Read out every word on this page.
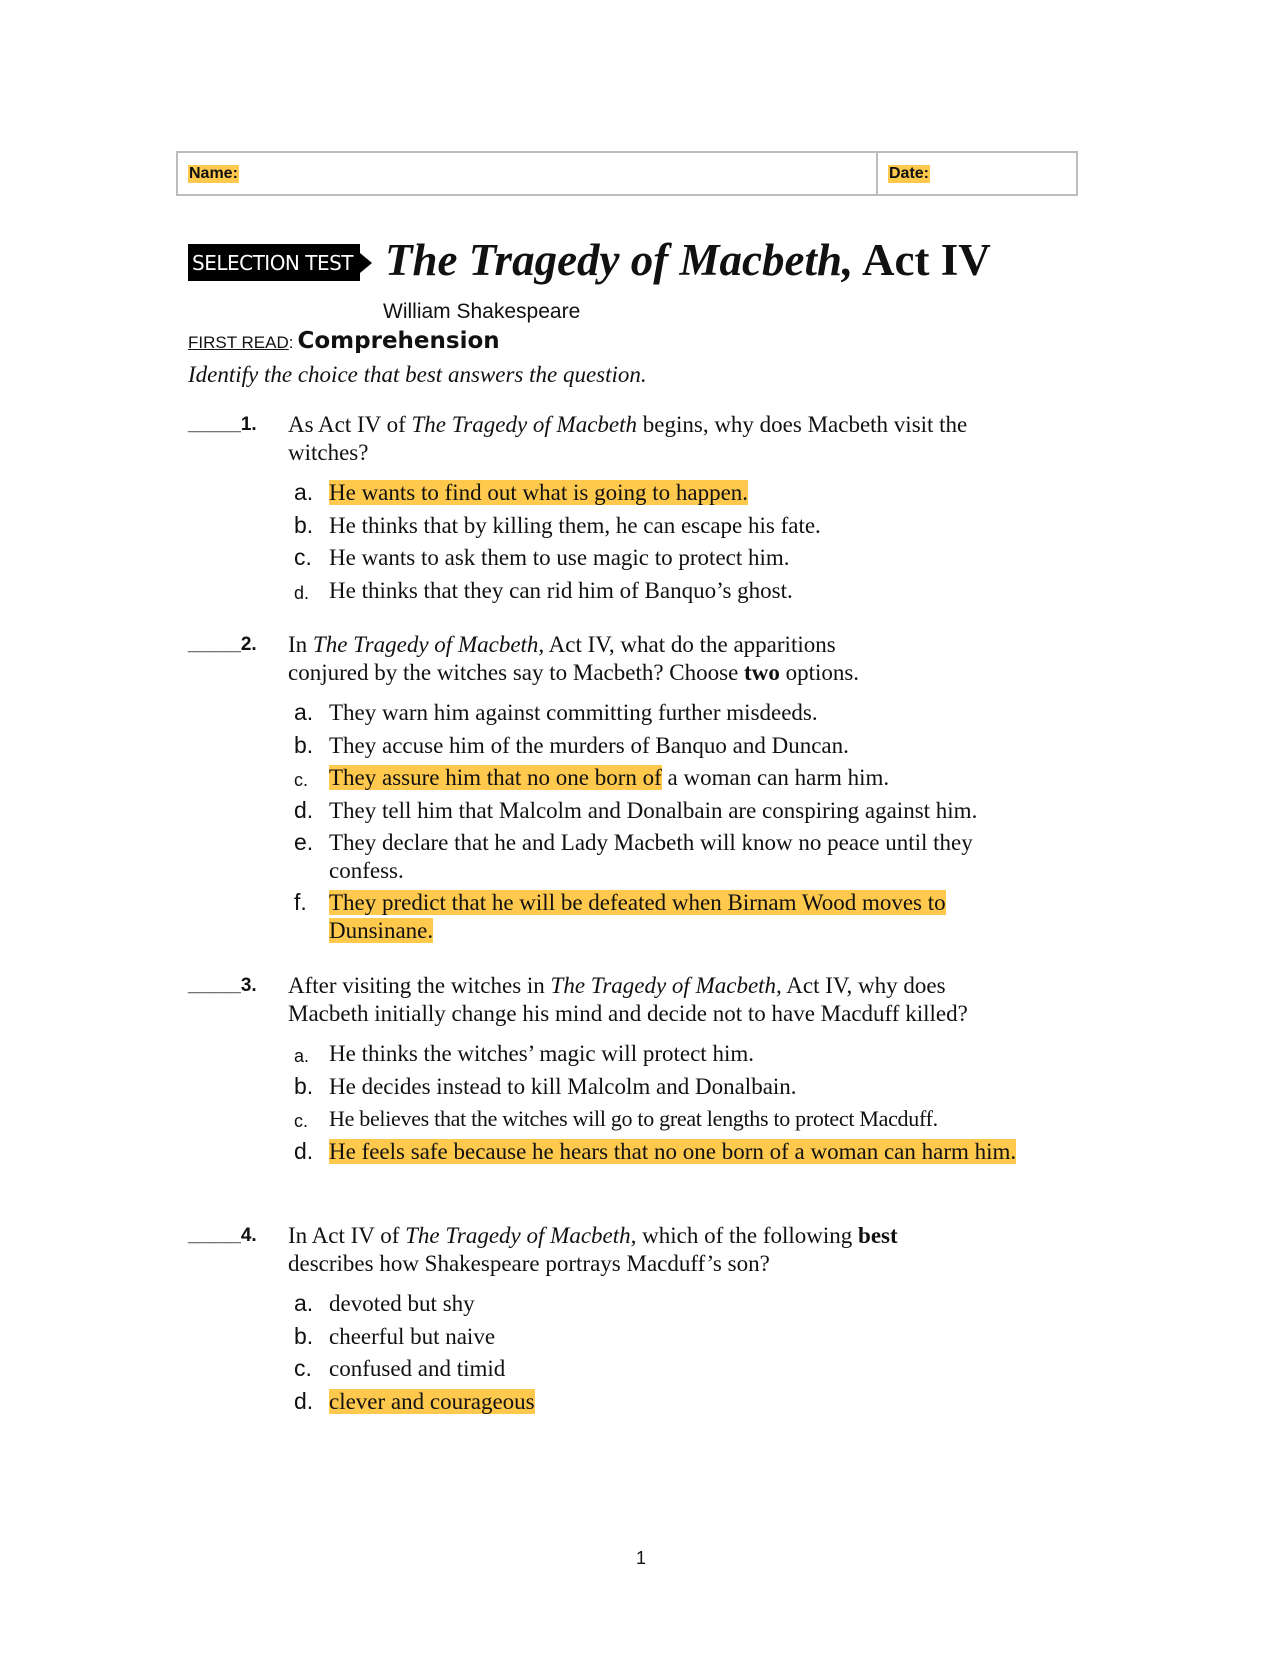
Name:	Date:
SELECTION TEST The Tragedy of Macbeth, Act IV
William Shakespeare
FIRST READ: Comprehension
Identify the choice that best answers the question.
_____1. As Act IV of The Tragedy of Macbeth begins, why does Macbeth visit the witches?
a. He wants to find out what is going to happen.
b. He thinks that by killing them, he can escape his fate.
c. He wants to ask them to use magic to protect him.
d. He thinks that they can rid him of Banquo’s ghost.
_____2. In The Tragedy of Macbeth, Act IV, what do the apparitions conjured by the witches say to Macbeth? Choose two options.
a. They warn him against committing further misdeeds.
b. They accuse him of the murders of Banquo and Duncan.
c. They assure him that no one born of a woman can harm him.
d. They tell him that Malcolm and Donalbain are conspiring against him.
e. They declare that he and Lady Macbeth will know no peace until they confess.
f. They predict that he will be defeated when Birnam Wood moves to Dunsinane.
_____3. After visiting the witches in The Tragedy of Macbeth, Act IV, why does Macbeth initially change his mind and decide not to have Macduff killed?
a. He thinks the witches’ magic will protect him.
b. He decides instead to kill Malcolm and Donalbain.
c. He believes that the witches will go to great lengths to protect Macduff.
d. He feels safe because he hears that no one born of a woman can harm him.
_____4. In Act IV of The Tragedy of Macbeth, which of the following best describes how Shakespeare portrays Macduff’s son?
a. devoted but shy
b. cheerful but naive
c. confused and timid
d. clever and courageous
1
